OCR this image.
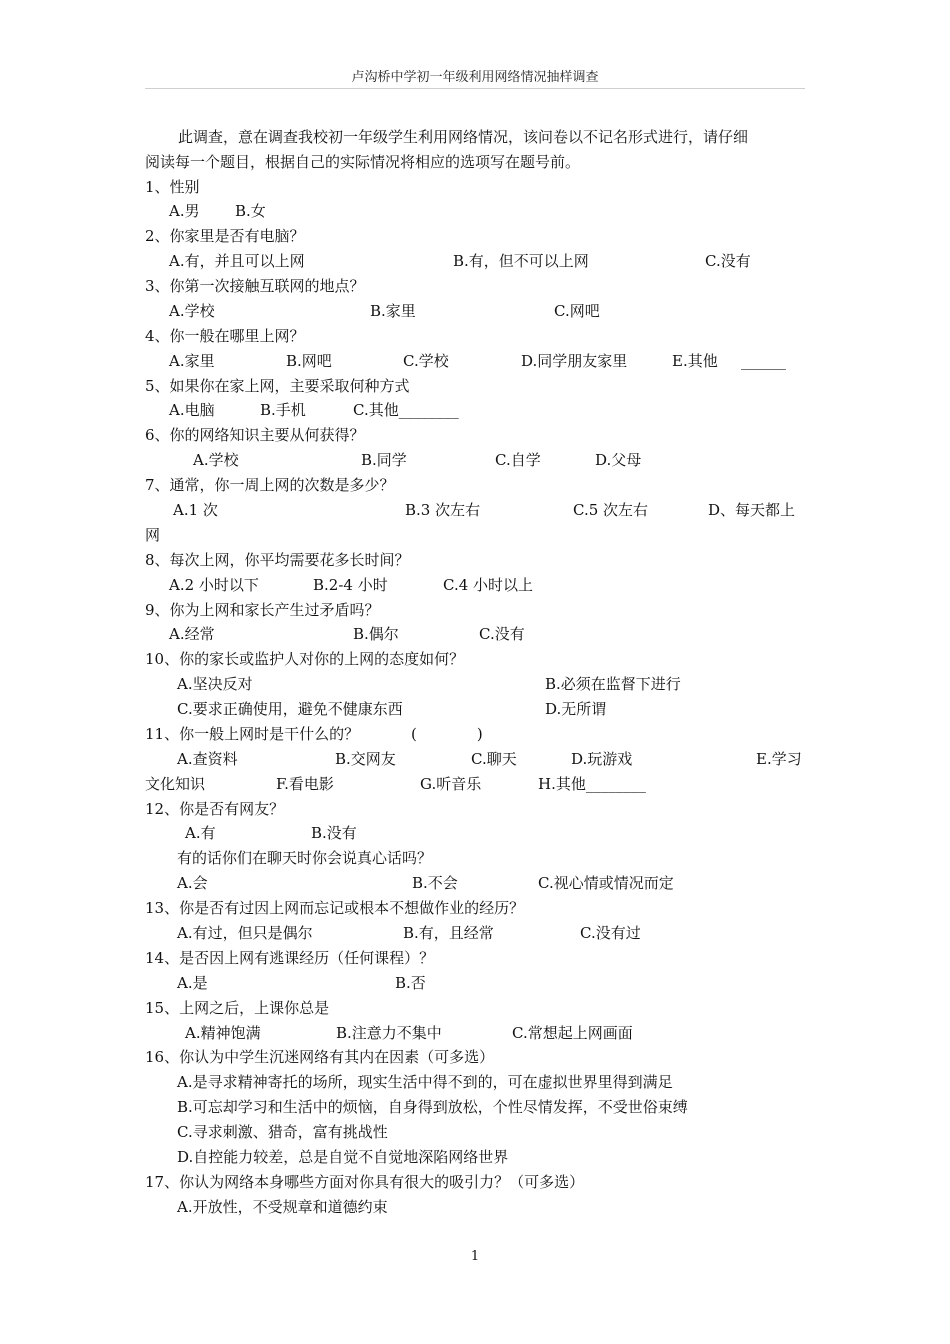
卢沟桥中学初一年级利用网络情况抽样调查
此调查，意在调查我校初一年级学生利用网络情况，该问卷以不记名形式进行，请仔细
阅读每一个题目，根据自己的实际情况将相应的选项写在题号前。
1、性别
A.男 B.女
2、你家里是否有电脑？
A.有，并且可以上网	B.有，但不可以上网	C.没有
3、你第一次接触互联网的地点？
A.学校	B.家里	C.网吧
4、你一般在哪里上网？
A.家里	B.网吧	C.学校	D.同学朋友家里	E.其他 ______
5、如果你在家上网，主要采取何种方式
A.电脑	B.手机	C.其他________
6、你的网络知识主要从何获得？
A.学校	B.同学	C.自学	D.父母
7、通常，你一周上网的次数是多少？
A.1 次	B.3 次左右	C.5 次左右	D、每天都上
网
8、每次上网，你平均需要花多长时间？
A.2 小时以下	B.2-4 小时	C.4 小时以上
9、你为上网和家长产生过矛盾吗？
A.经常	B.偶尔	C.没有
10、你的家长或监护人对你的上网的态度如何？
A.坚决反对	B.必须在监督下进行
C.要求正确使用，避免不健康东西	D.无所谓
11、你一般上网时是干什么的？	(　　　　)
A.查资料	B.交网友	C.聊天	D.玩游戏	E.学习
文化知识	F.看电影	G.听音乐	H.其他________
12、你是否有网友？
A.有	B.没有
有的话你们在聊天时你会说真心话吗？
A.会	B.不会	C.视心情或情况而定
13、你是否有过因上网而忘记或根本不想做作业的经历？
A.有过，但只是偶尔	B.有，且经常	C.没有过
14、是否因上网有逃课经历（任何课程）？
A.是	B.否
15、上网之后，上课你总是
A.精神饱满	B.注意力不集中	C.常想起上网画面
16、你认为中学生沉迷网络有其内在因素（可多选）
A.是寻求精神寄托的场所，现实生活中得不到的，可在虚拟世界里得到满足
B.可忘却学习和生活中的烦恼，自身得到放松，个性尽情发挥，不受世俗束缚
C.寻求刺激、猎奇，富有挑战性
D.自控能力较差，总是自觉不自觉地深陷网络世界
17、你认为网络本身哪些方面对你具有很大的吸引力？（可多选）
A.开放性，不受规章和道德约束
1
